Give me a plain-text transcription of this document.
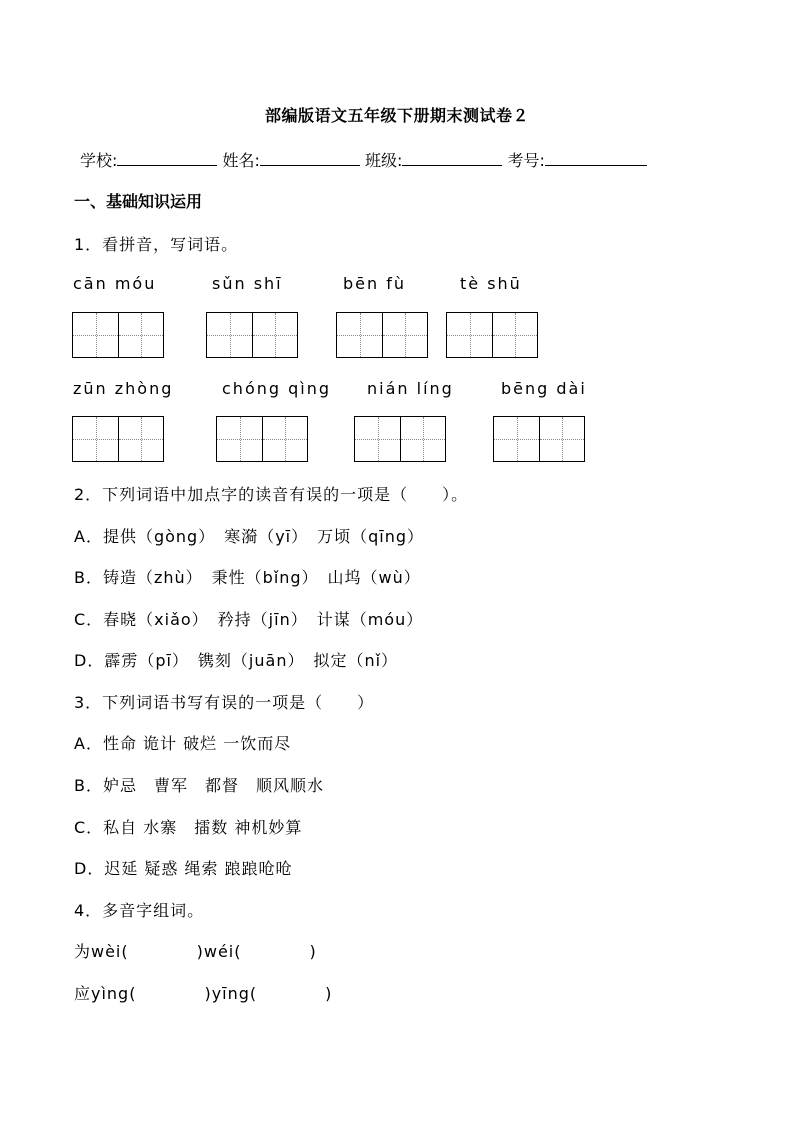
部编版语文五年级下册期末测试卷２
学校:	姓名:	班级:	考号:
一、基础知识运用
1．看拼音，写词语。
cān móu	sǔn shī	bēn fù	tè shū
zūn zhòng	chóng qìng nián líng	bēng dài
2．下列词语中加点字的读音有误的一项是（　　）。
A．提供（gòng）　寒漪（yī）　万顷（qīng）
B．铸造（zhù）　秉性（bǐng）　山坞（wù）
C．春晓（xiǎo）　矜持（jīn）　计谋（móu）
D．霹雳（pī）　镌刻（juān）　拟定（nǐ）
3．下列词语书写有误的一项是（　　）
A．性命 诡计 破烂 一饮而尽
B．妒忌　曹军　都督　顺风顺水
C．私自 水寨　擂数 神机妙算
D．迟延 疑惑 绳索 踉踉呛呛
4．多音字组词。
为wèi(　　　　)wéi(　　　　)
应yìng(　　　　)yīng(　　　　)
